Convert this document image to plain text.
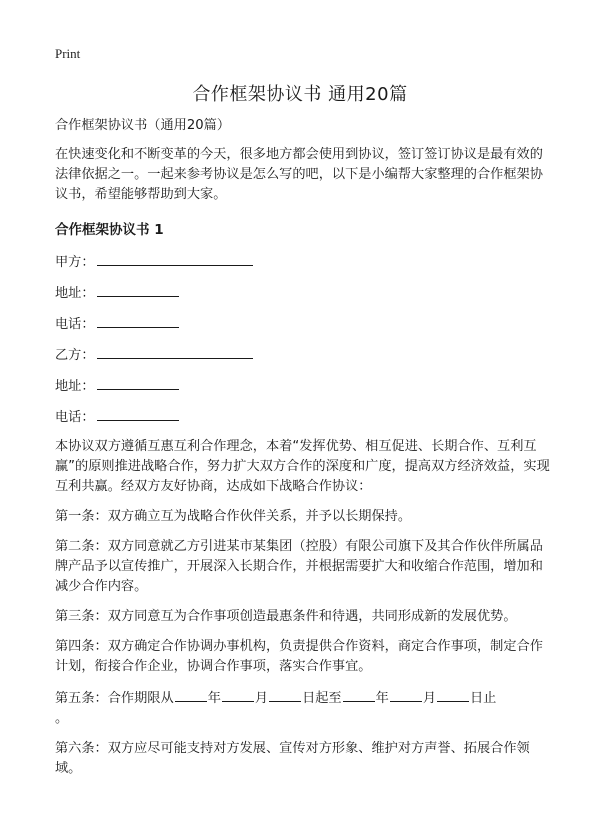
Print
合作框架协议书 通用20篇

合作框架协议书（通用20篇）

在快速变化和不断变革的今天，很多地方都会使用到协议，签订签订协议是最有效的法律依据之一。一起来参考协议是怎么写的吧，以下是小编帮大家整理的合作框架协议书，希望能够帮助到大家。

合作框架协议书 1

甲方：

地址：

电话：

乙方：

地址：

电话：

本协议双方遵循互惠互利合作理念，本着“发挥优势、相互促进、长期合作、互利互赢”的原则推进战略合作，努力扩大双方合作的深度和广度，提高双方经济效益，实现互利共赢。经双方友好协商，达成如下战略合作协议：

第一条：双方确立互为战略合作伙伴关系，并予以长期保持。

第二条：双方同意就乙方引进某市某集团（控股）有限公司旗下及其合作伙伴所属品牌产品予以宣传推广，开展深入长期合作，并根据需要扩大和收缩合作范围，增加和减少合作内容。

第三条：双方同意互为合作事项创造最惠条件和待遇，共同形成新的发展优势。

第四条：双方确定合作协调办事机构，负责提供合作资料，商定合作事项，制定合作计划，衔接合作企业，协调合作事项，落实合作事宜。

第五条：合作期限从	年	月	日起至	年	月	日止
。

第六条：双方应尽可能支持对方发展、宣传对方形象、维护对方声誉、拓展合作领域。
